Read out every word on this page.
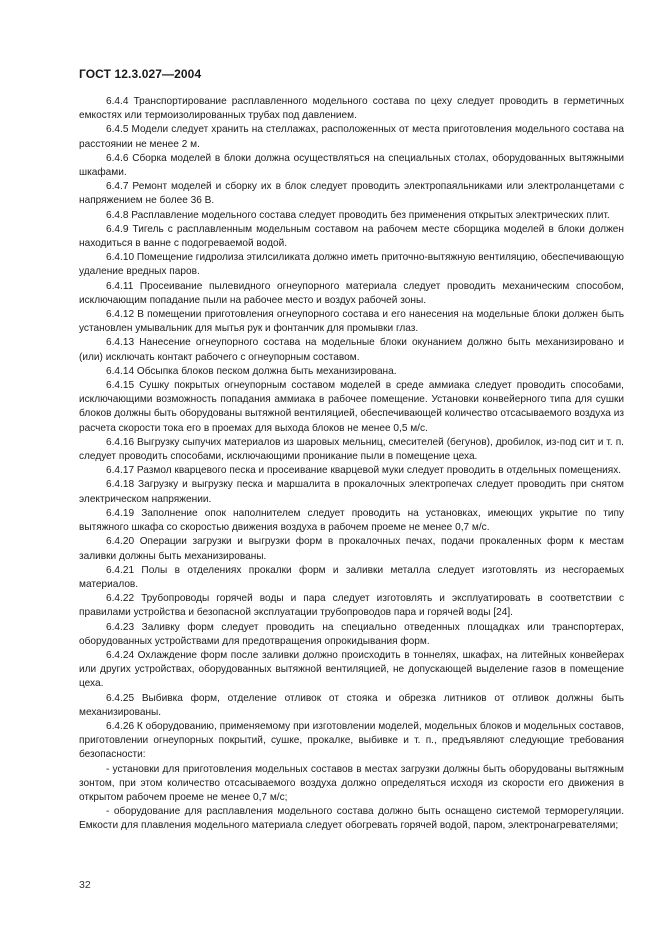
ГОСТ 12.3.027—2004

6.4.4 Транспортирование расплавленного модельного состава по цеху следует проводить в герметичных емкостях или термоизолированных трубах под давлением.

6.4.5 Модели следует хранить на стеллажах, расположенных от места приготовления модельного состава на расстоянии не менее 2 м.

6.4.6 Сборка моделей в блоки должна осуществляться на специальных столах, оборудованных вытяжными шкафами.

6.4.7 Ремонт моделей и сборку их в блок следует проводить электропаяльниками или электроланцетами с напряжением не более 36 В.

6.4.8 Расплавление модельного состава следует проводить без применения открытых электрических плит.

6.4.9 Тигель с расплавленным модельным составом на рабочем месте сборщика моделей в блоки должен находиться в ванне с подогреваемой водой.

6.4.10 Помещение гидролиза этилсиликата должно иметь приточно-вытяжную вентиляцию, обеспечивающую удаление вредных паров.

6.4.11 Просеивание пылевидного огнеупорного материала следует проводить механическим способом, исключающим попадание пыли на рабочее место и воздух рабочей зоны.

6.4.12 В помещении приготовления огнеупорного состава и его нанесения на модельные блоки должен быть установлен умывальник для мытья рук и фонтанчик для промывки глаз.

6.4.13 Нанесение огнеупорного состава на модельные блоки окунанием должно быть механизировано и (или) исключать контакт рабочего с огнеупорным составом.

6.4.14 Обсыпка блоков песком должна быть механизирована.

6.4.15 Сушку покрытых огнеупорным составом моделей в среде аммиака следует проводить способами, исключающими возможность попадания аммиака в рабочее помещение. Установки конвейерного типа для сушки блоков должны быть оборудованы вытяжной вентиляцией, обеспечивающей количество отсасываемого воздуха из расчета скорости тока его в проемах для выхода блоков не менее 0,5 м/с.

6.4.16 Выгрузку сыпучих материалов из шаровых мельниц, смесителей (бегунов), дробилок, из-под сит и т. п. следует проводить способами, исключающими проникание пыли в помещение цеха.

6.4.17 Размол кварцевого песка и просеивание кварцевой муки следует проводить в отдельных помещениях.

6.4.18 Загрузку и выгрузку песка и маршалита в прокалочных электропечах следует проводить при снятом электрическом напряжении.

6.4.19 Заполнение опок наполнителем следует проводить на установках, имеющих укрытие по типу вытяжного шкафа со скоростью движения воздуха в рабочем проеме не менее 0,7 м/с.

6.4.20 Операции загрузки и выгрузки форм в прокалочных печах, подачи прокаленных форм к местам заливки должны быть механизированы.

6.4.21 Полы в отделениях прокалки форм и заливки металла следует изготовлять из несгораемых материалов.

6.4.22 Трубопроводы горячей воды и пара следует изготовлять и эксплуатировать в соответствии с правилами устройства и безопасной эксплуатации трубопроводов пара и горячей воды [24].

6.4.23 Заливку форм следует проводить на специально отведенных площадках или транспортерах, оборудованных устройствами для предотвращения опрокидывания форм.

6.4.24 Охлаждение форм после заливки должно происходить в тоннелях, шкафах, на литейных конвейерах или других устройствах, оборудованных вытяжной вентиляцией, не допускающей выделение газов в помещение цеха.

6.4.25 Выбивка форм, отделение отливок от стояка и обрезка литников от отливок должны быть механизированы.

6.4.26 К оборудованию, применяемому при изготовлении моделей, модельных блоков и модельных составов, приготовлении огнеупорных покрытий, сушке, прокалке, выбивке и т. п., предъявляют следующие требования безопасности:

- установки для приготовления модельных составов в местах загрузки должны быть оборудованы вытяжным зонтом, при этом количество отсасываемого воздуха должно определяться исходя из скорости его движения в открытом рабочем проеме не менее 0,7 м/с;

- оборудование для расплавления модельного состава должно быть оснащено системой терморегуляции. Емкости для плавления модельного материала следует обогревать горячей водой, паром, электронагревателями;

32
